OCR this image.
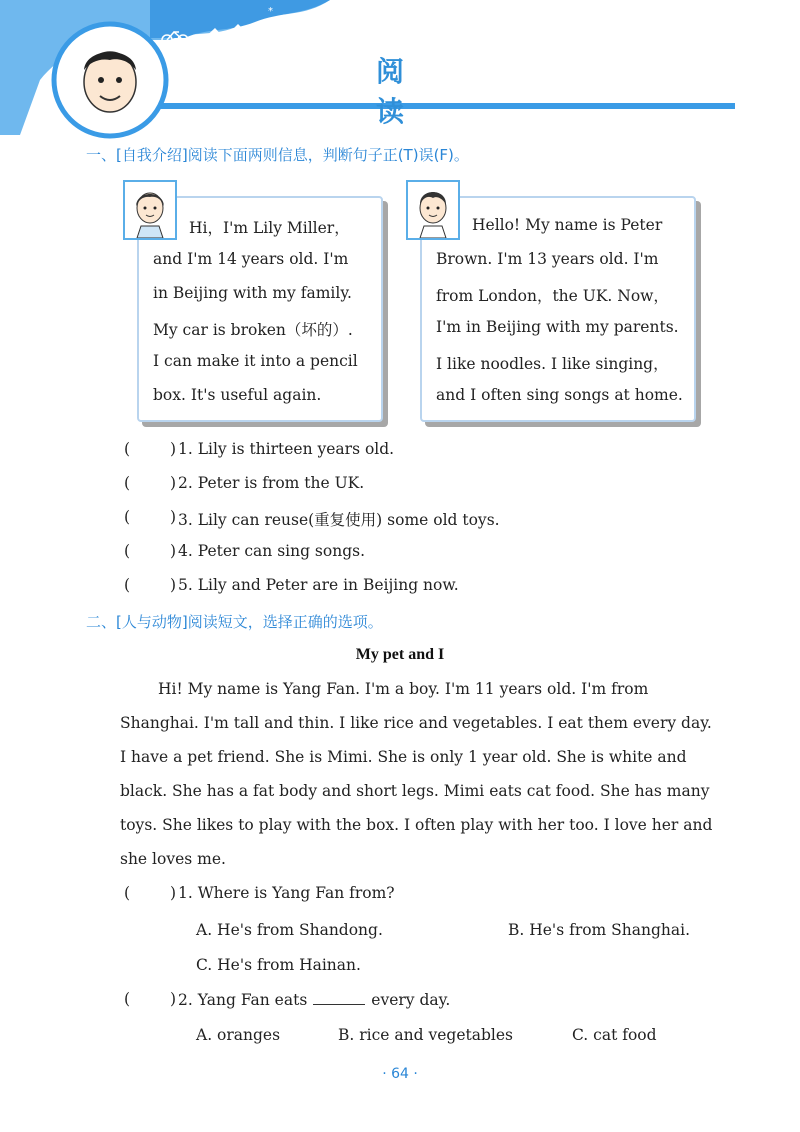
*
阅 读
一、[自我介绍]阅读下面两则信息，判断句子正(T)误(F)。
Hi，I'm Lily Miller，
and I'm 14 years old. I'm
in Beijing with my family.
My car is broken（坏的）.
I can make it into a pencil
box. It's useful again.
Hello! My name is Peter
Brown. I'm 13 years old. I'm
from London，the UK. Now，
I'm in Beijing with my parents.
I like noodles. I like singing，
and I often sing songs at home.
(	) 1. Lily is thirteen years old.
(	) 2. Peter is from the UK.
(	) 3. Lily can reuse(重复使用) some old toys.
(	) 4. Peter can sing songs.
(	) 5. Lily and Peter are in Beijing now.
二、[人与动物]阅读短文，选择正确的选项。
My pet and I
Hi! My name is Yang Fan. I'm a boy. I'm 11 years old. I'm from
Shanghai. I'm tall and thin. I like rice and vegetables. I eat them every day.
I have a pet friend. She is Mimi. She is only 1 year old. She is white and
black. She has a fat body and short legs. Mimi eats cat food. She has many
toys. She likes to play with the box. I often play with her too. I love her and
she loves me.
(	) 1. Where is Yang Fan from?
A. He's from Shandong.	B. He's from Shanghai.
C. He's from Hainan.
(	) 2. Yang Fan eats	every day.
A. oranges	B. rice and vegetables	C. cat food
· 64 ·
